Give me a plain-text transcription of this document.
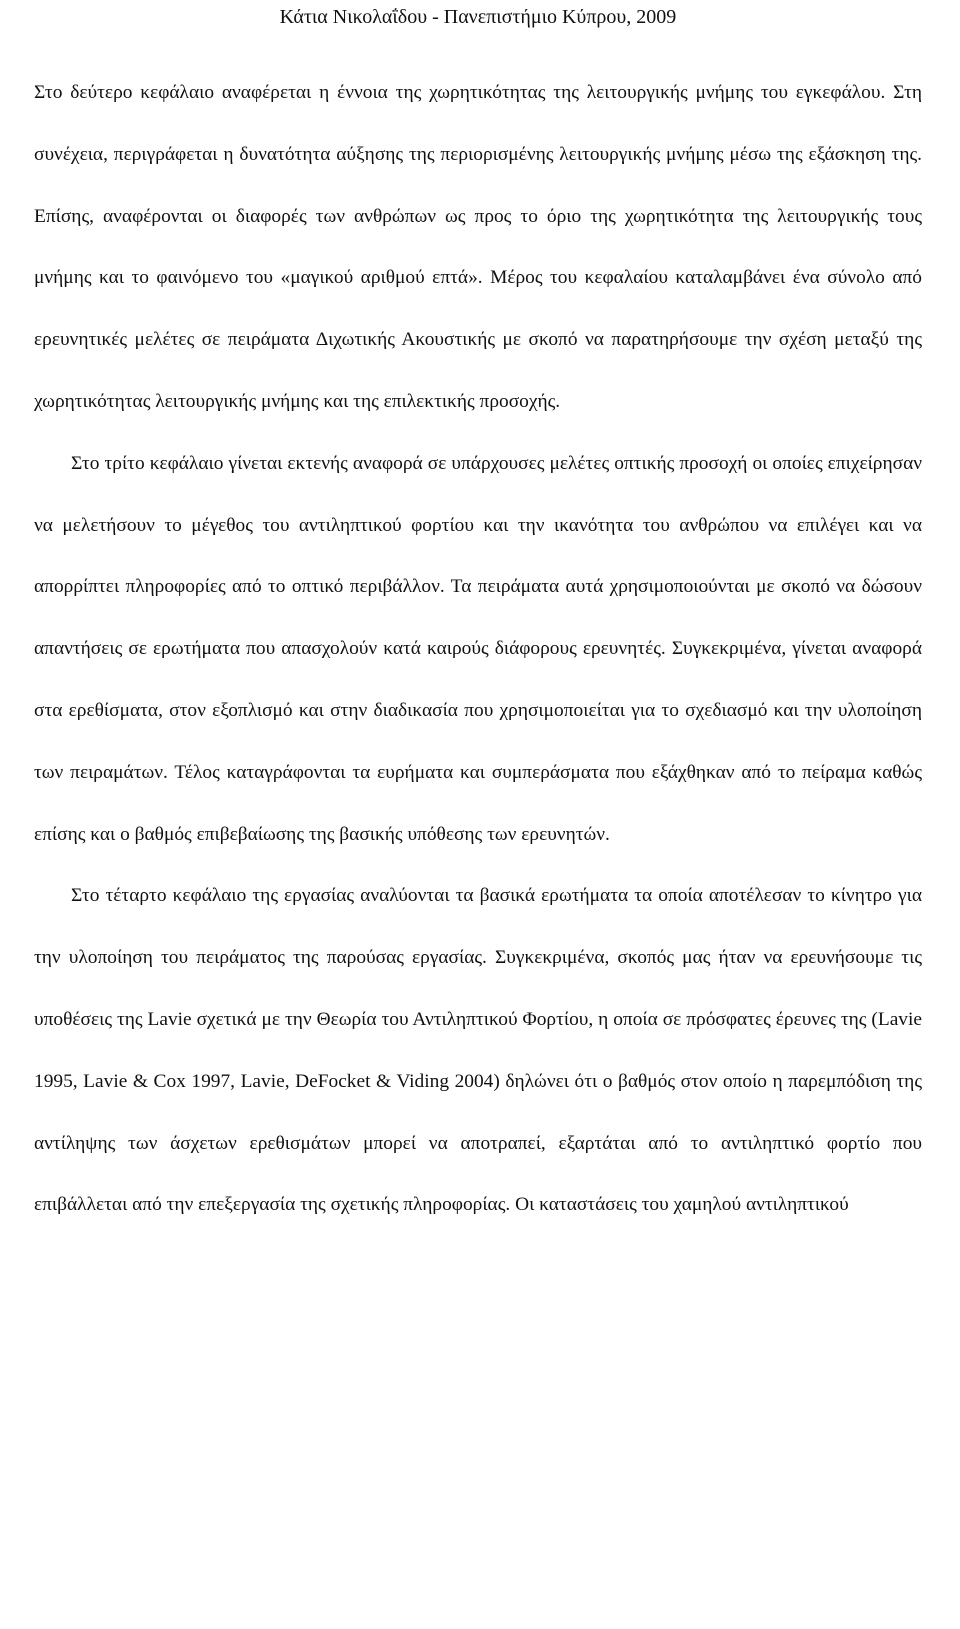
Κάτια Νικολαΐδου - Πανεπιστήμιο Κύπρου, 2009

Στο δεύτερο κεφάλαιο αναφέρεται η έννοια της χωρητικότητας της λειτουργικής μνήμης του εγκεφάλου. Στη συνέχεια, περιγράφεται η δυνατότητα αύξησης της περιορισμένης λειτουργικής μνήμης μέσω της εξάσκηση της. Επίσης, αναφέρονται οι διαφορές των ανθρώπων ως προς το όριο της χωρητικότητα της λειτουργικής τους μνήμης και το φαινόμενο του «μαγικού αριθμού επτά». Μέρος του κεφαλαίου καταλαμβάνει ένα σύνολο από ερευνητικές μελέτες σε πειράματα Διχωτικής Ακουστικής με σκοπό να παρατηρήσουμε την σχέση μεταξύ της χωρητικότητας λειτουργικής μνήμης και της επιλεκτικής προσοχής.

Στο τρίτο κεφάλαιο γίνεται εκτενής αναφορά σε υπάρχουσες μελέτες οπτικής προσοχή οι οποίες επιχείρησαν να μελετήσουν το μέγεθος του αντιληπτικού φορτίου και την ικανότητα του ανθρώπου να επιλέγει και να απορρίπτει πληροφορίες από το οπτικό περιβάλλον. Τα πειράματα αυτά χρησιμοποιούνται με σκοπό να δώσουν απαντήσεις σε ερωτήματα που απασχολούν κατά καιρούς διάφορους ερευνητές. Συγκεκριμένα, γίνεται αναφορά στα ερεθίσματα, στον εξοπλισμό και στην διαδικασία που χρησιμοποιείται για το σχεδιασμό και την υλοποίηση των πειραμάτων. Τέλος καταγράφονται τα ευρήματα και συμπεράσματα που εξάχθηκαν από το πείραμα καθώς επίσης και ο βαθμός επιβεβαίωσης της βασικής υπόθεσης των ερευνητών.

Στο τέταρτο κεφάλαιο της εργασίας αναλύονται τα βασικά ερωτήματα τα οποία αποτέλεσαν το κίνητρο για την υλοποίηση του πειράματος της παρούσας εργασίας. Συγκεκριμένα, σκοπός μας ήταν να ερευνήσουμε τις υποθέσεις της Lavie σχετικά με την Θεωρία του Αντιληπτικού Φορτίου, η οποία σε πρόσφατες έρευνες της (Lavie 1995, Lavie & Cox 1997, Lavie, DeFocket & Viding 2004) δηλώνει ότι ο βαθμός στον οποίο η παρεμπόδιση της αντίληψης των άσχετων ερεθισμάτων μπορεί να αποτραπεί, εξαρτάται από το αντιληπτικό φορτίο που επιβάλλεται από την επεξεργασία της σχετικής πληροφορίας. Οι καταστάσεις του χαμηλού αντιληπτικού
